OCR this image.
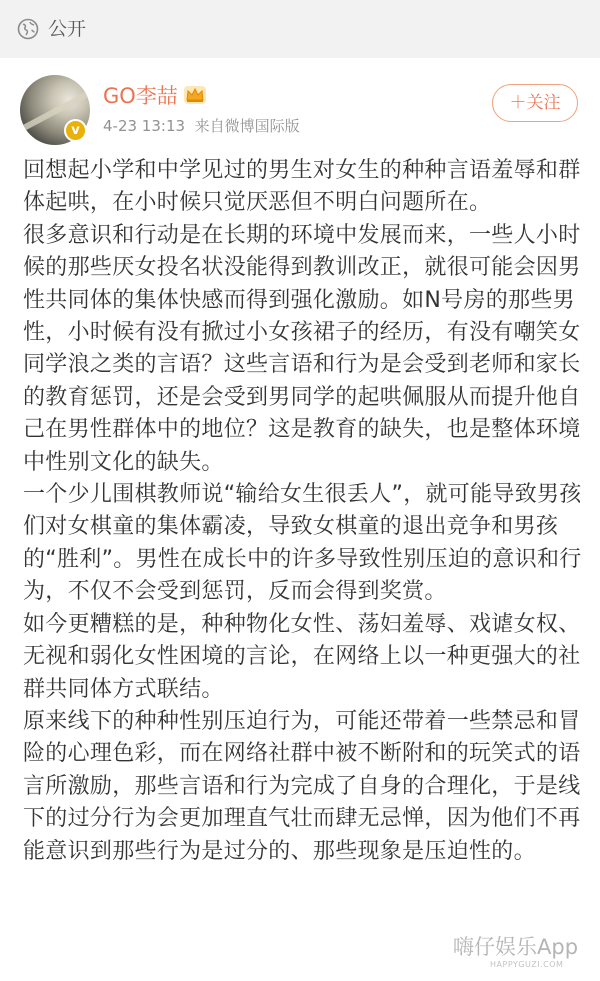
公开
v
GO李喆
4-23 13:13 来自微博国际版
＋关注

回想起小学和中学见过的男生对女生的种种言语羞辱和群体起哄，在小时候只觉厌恶但不明白问题所在。

很多意识和行动是在长期的环境中发展而来，一些人小时候的那些厌女投名状没能得到教训改正，就很可能会因男性共同体的集体快感而得到强化激励。如N号房的那些男性，小时候有没有掀过小女孩裙子的经历，有没有嘲笑女同学浪之类的言语？这些言语和行为是会受到老师和家长的教育惩罚，还是会受到男同学的起哄佩服从而提升他自己在男性群体中的地位？这是教育的缺失，也是整体环境中性别文化的缺失。

一个少儿围棋教师说“输给女生很丢人”，就可能导致男孩们对女棋童的集体霸凌，导致女棋童的退出竞争和男孩的“胜利”。男性在成长中的许多导致性别压迫的意识和行为，不仅不会受到惩罚，反而会得到奖赏。

如今更糟糕的是，种种物化女性、荡妇羞辱、戏谑女权、无视和弱化女性困境的言论，在网络上以一种更强大的社群共同体方式联结。

原来线下的种种性别压迫行为，可能还带着一些禁忌和冒险的心理色彩，而在网络社群中被不断附和的玩笑式的语言所激励，那些言语和行为完成了自身的合理化，于是线下的过分行为会更加理直气壮而肆无忌惮，因为他们不再能意识到那些行为是过分的、那些现象是压迫性的。

嗨仔娱乐App
HAPPYGUZI.COM
